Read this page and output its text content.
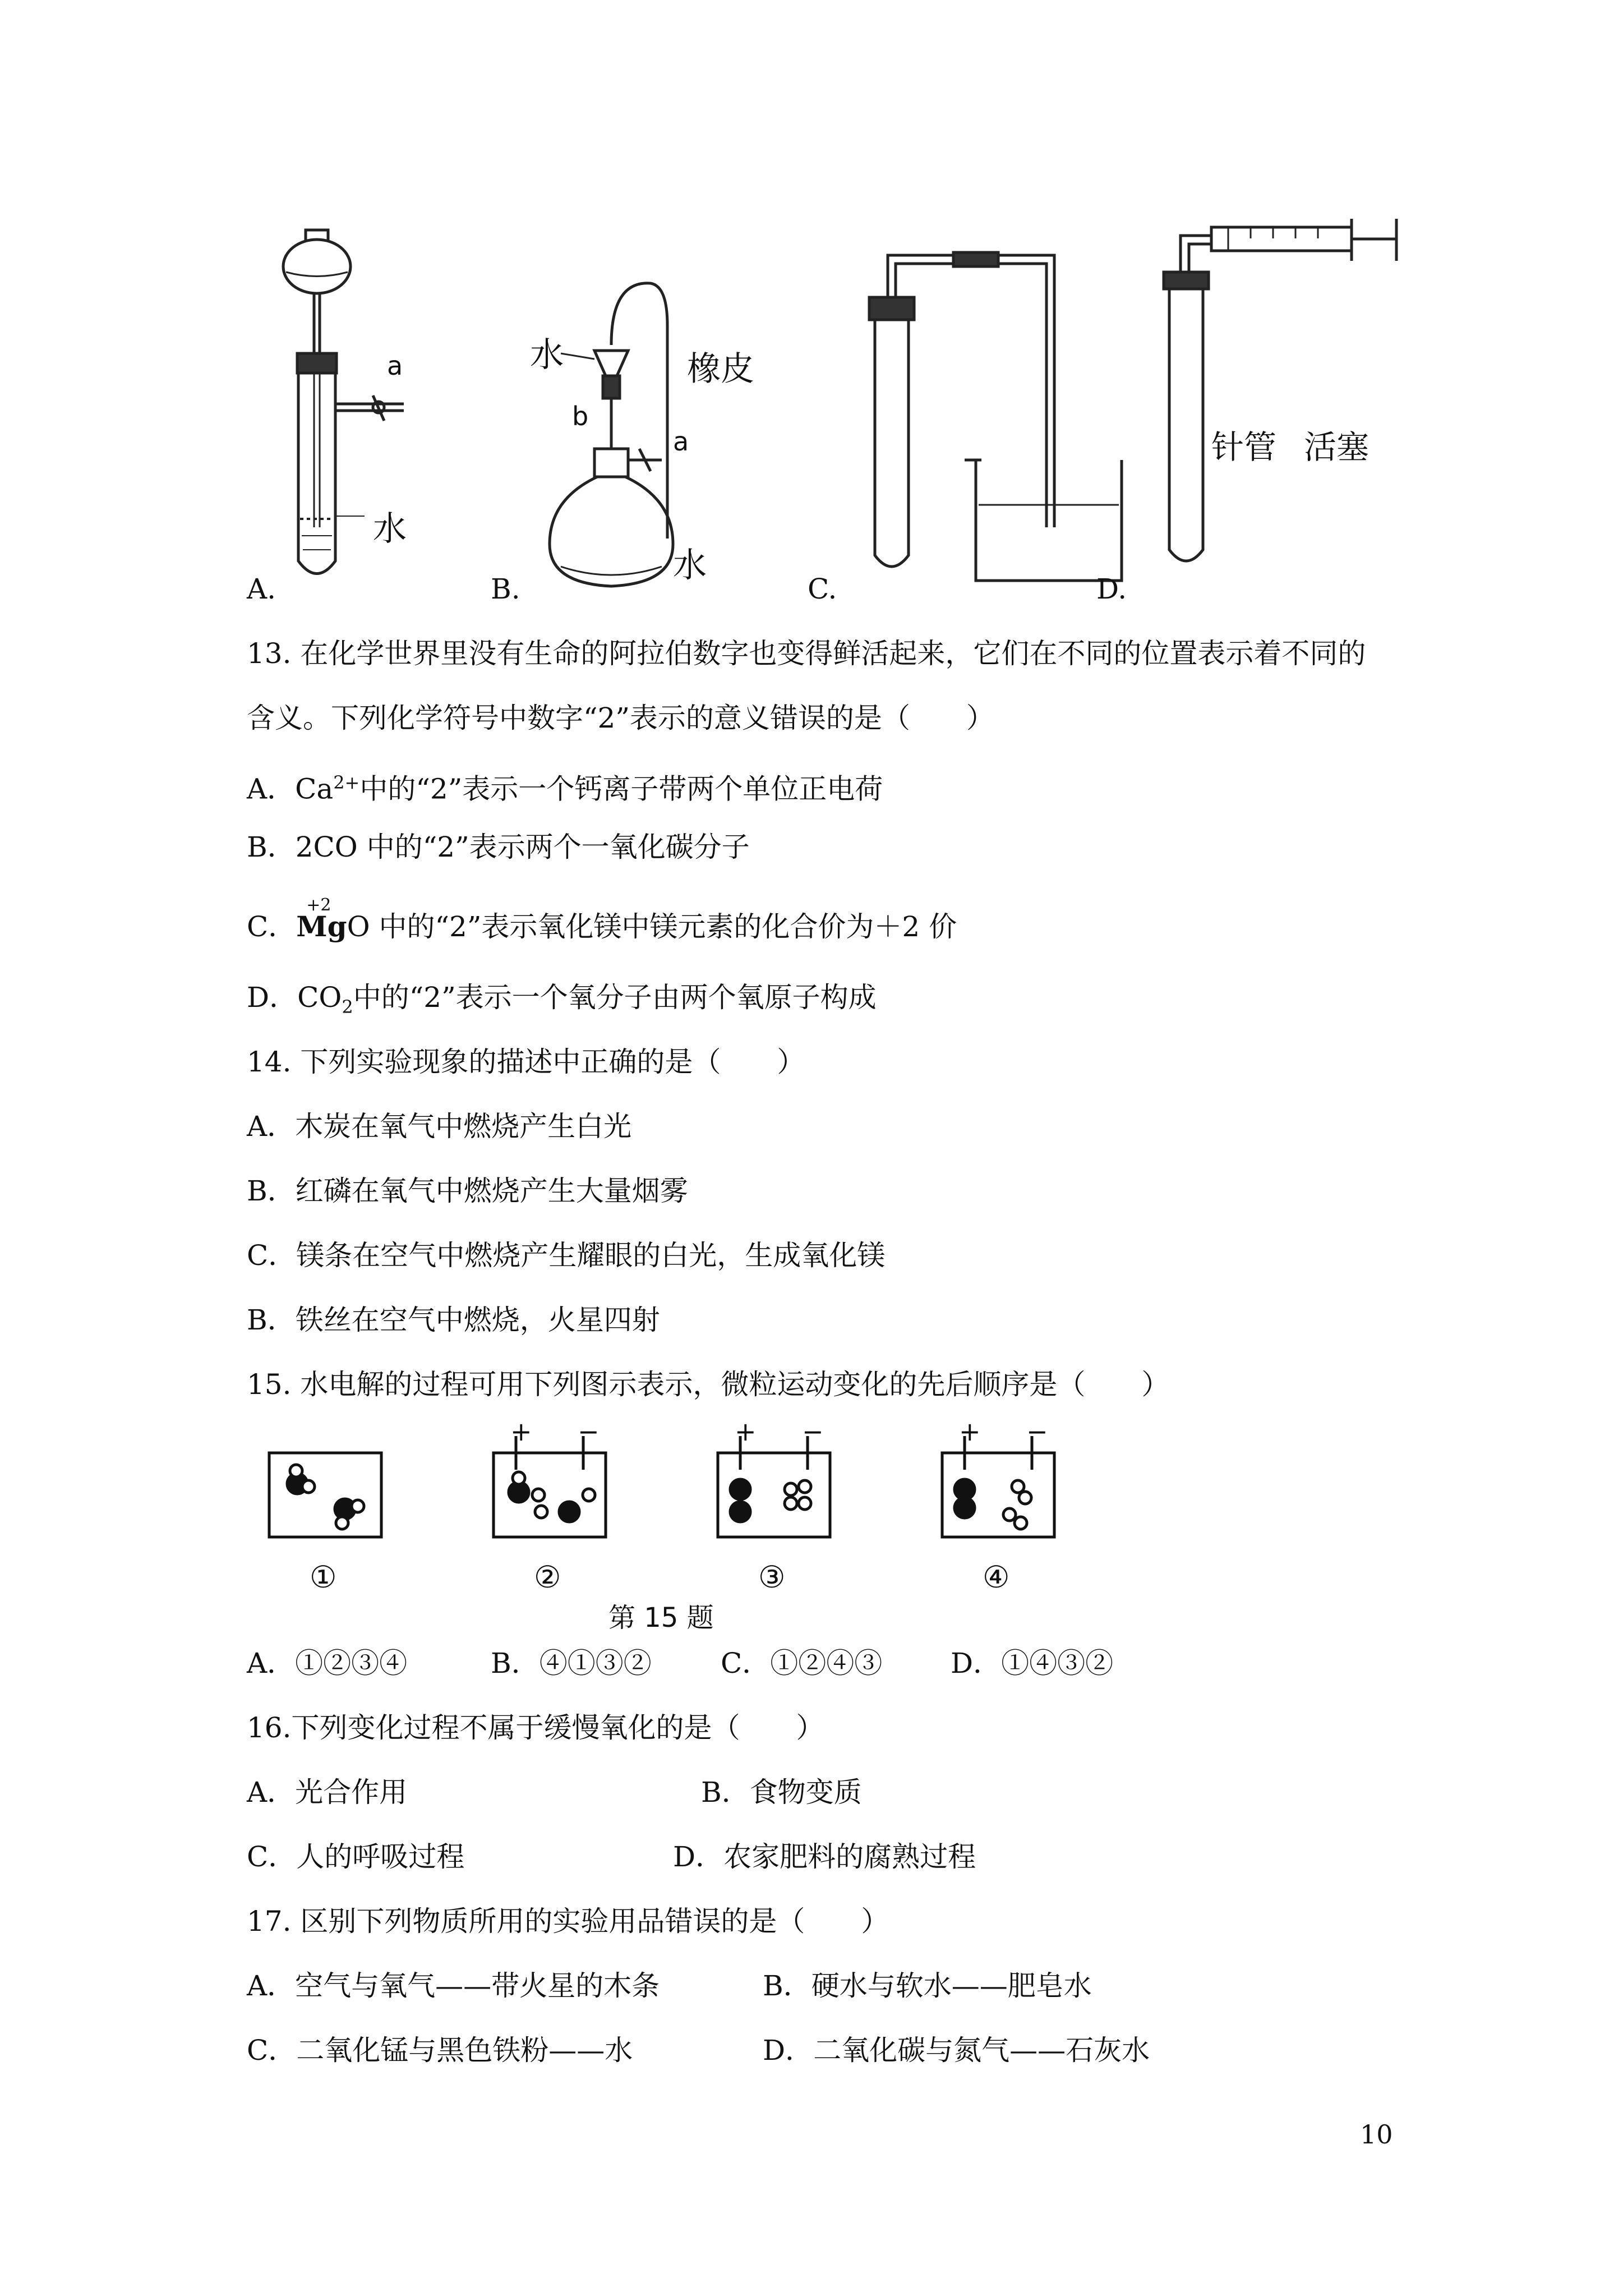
A.	B.	C.	D.
a
水
橡皮
水
b
a
水
针管 活塞
13. 在化学世界里没有生命的阿拉伯数字也变得鲜活起来，它们在不同的位置表示着不同的
含义。下列化学符号中数字“2”表示的意义错误的是（　　）
A．$Ca^{2+}$中的“2”表示一个钙离子带两个单位正电荷
B．2CO 中的“2”表示两个一氧化碳分子
C．
+2
MgO 中的“2”表示氧化镁中镁元素的化合价为＋2 价
D．$CO_2$中的“2”表示一个氧分子由两个氧原子构成
14. 下列实验现象的描述中正确的是（　　）
A．木炭在氧气中燃烧产生白光
B．红磷在氧气中燃烧产生大量烟雾
C．镁条在空气中燃烧产生耀眼的白光，生成氧化镁
B．铁丝在空气中燃烧，火星四射
15. 水电解的过程可用下列图示表示，微粒运动变化的先后顺序是（　　）
+ −	+ −	+ −
①	②	③	④
第 15 题
A．①②③④	B．④①③② C．①②④③ D．①④③②
16.下列变化过程不属于缓慢氧化的是（　　）
A．光合作用	B．食物变质
C．人的呼吸过程	D．农家肥料的腐熟过程
17. 区别下列物质所用的实验用品错误的是（　　）
A．空气与氧气——带火星的木条	B．硬水与软水——肥皂水
C．二氧化锰与黑色铁粉——水	D．二氧化碳与氮气——石灰水
10
